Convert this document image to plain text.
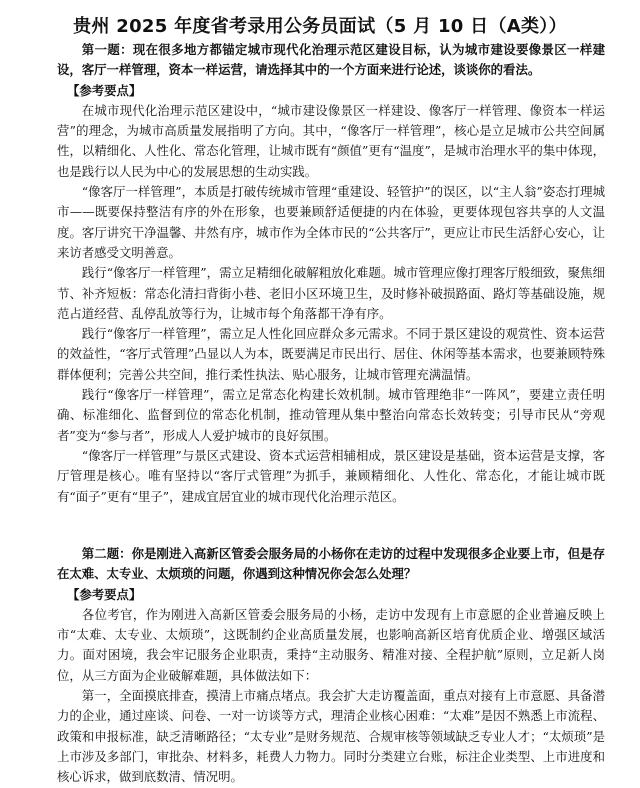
贵州 2025 年度省考录用公务员面试（5 月 10 日（A类））

第一题：现在很多地方都锚定城市现代化治理示范区建设目标，认为城市建设要像景区一样建设，客厅一样管理，资本一样运营，请选择其中的一个方面来进行论述，谈谈你的看法。

【参考要点】

在城市现代化治理示范区建设中，“城市建设像景区一样建设、像客厅一样管理、像资本一样运营”的理念，为城市高质量发展指明了方向。其中，“像客厅一样管理”，核心是立足城市公共空间属性，以精细化、人性化、常态化管理，让城市既有“颜值”更有“温度”，是城市治理水平的集中体现，也是践行以人民为中心的发展思想的生动实践。

“像客厅一样管理”，本质是打破传统城市管理“重建设、轻管护”的误区，以“主人翁”姿态打理城市——既要保持整洁有序的外在形象，也要兼顾舒适便捷的内在体验，更要体现包容共享的人文温度。客厅讲究干净温馨、井然有序，城市作为全体市民的“公共客厅”，更应让市民生活舒心安心，让来访者感受文明善意。

践行“像客厅一样管理”，需立足精细化破解粗放化难题。城市管理应像打理客厅般细致，聚焦细节、补齐短板：常态化清扫背街小巷、老旧小区环境卫生，及时修补破损路面、路灯等基础设施，规范占道经营、乱停乱放等行为，让城市每个角落都干净有序。

践行“像客厅一样管理”，需立足人性化回应群众多元需求。不同于景区建设的观赏性、资本运营的效益性，“客厅式管理”凸显以人为本，既要满足市民出行、居住、休闲等基本需求，也要兼顾特殊群体便利；完善公共空间，推行柔性执法、贴心服务，让城市管理充满温情。

践行“像客厅一样管理”，需立足常态化构建长效机制。城市管理绝非“一阵风”，要建立责任明确、标准细化、监督到位的常态化机制，推动管理从集中整治向常态长效转变；引导市民从“旁观者”变为“参与者”，形成人人爱护城市的良好氛围。

“像客厅一样管理”与景区式建设、资本式运营相辅相成，景区建设是基础，资本运营是支撑，客厅管理是核心。唯有坚持以“客厅式管理”为抓手，兼顾精细化、人性化、常态化，才能让城市既有“面子”更有“里子”，建成宜居宜业的城市现代化治理示范区。

第二题：你是刚进入高新区管委会服务局的小杨你在走访的过程中发现很多企业要上市，但是存在太难、太专业、太烦琐的问题，你遇到这种情况你会怎么处理？

【参考要点】

各位考官，作为刚进入高新区管委会服务局的小杨，走访中发现有上市意愿的企业普遍反映上市“太难、太专业、太烦琐”，这既制约企业高质量发展，也影响高新区培育优质企业、增强区域活力。面对困境，我会牢记服务企业职责，秉持“主动服务、精准对接、全程护航”原则，立足新人岗位，从三方面为企业破解难题，具体做法如下：

第一，全面摸底排查，摸清上市痛点堵点。我会扩大走访覆盖面，重点对接有上市意愿、具备潜力的企业，通过座谈、问卷、一对一访谈等方式，理清企业核心困难：“太难”是因不熟悉上市流程、政策和申报标准，缺乏清晰路径；“太专业”是财务规范、合规审核等领域缺乏专业人才；“太烦琐”是上市涉及多部门，审批杂、材料多，耗费人力物力。同时分类建立台账，标注企业类型、上市进度和核心诉求，做到底数清、情况明。
